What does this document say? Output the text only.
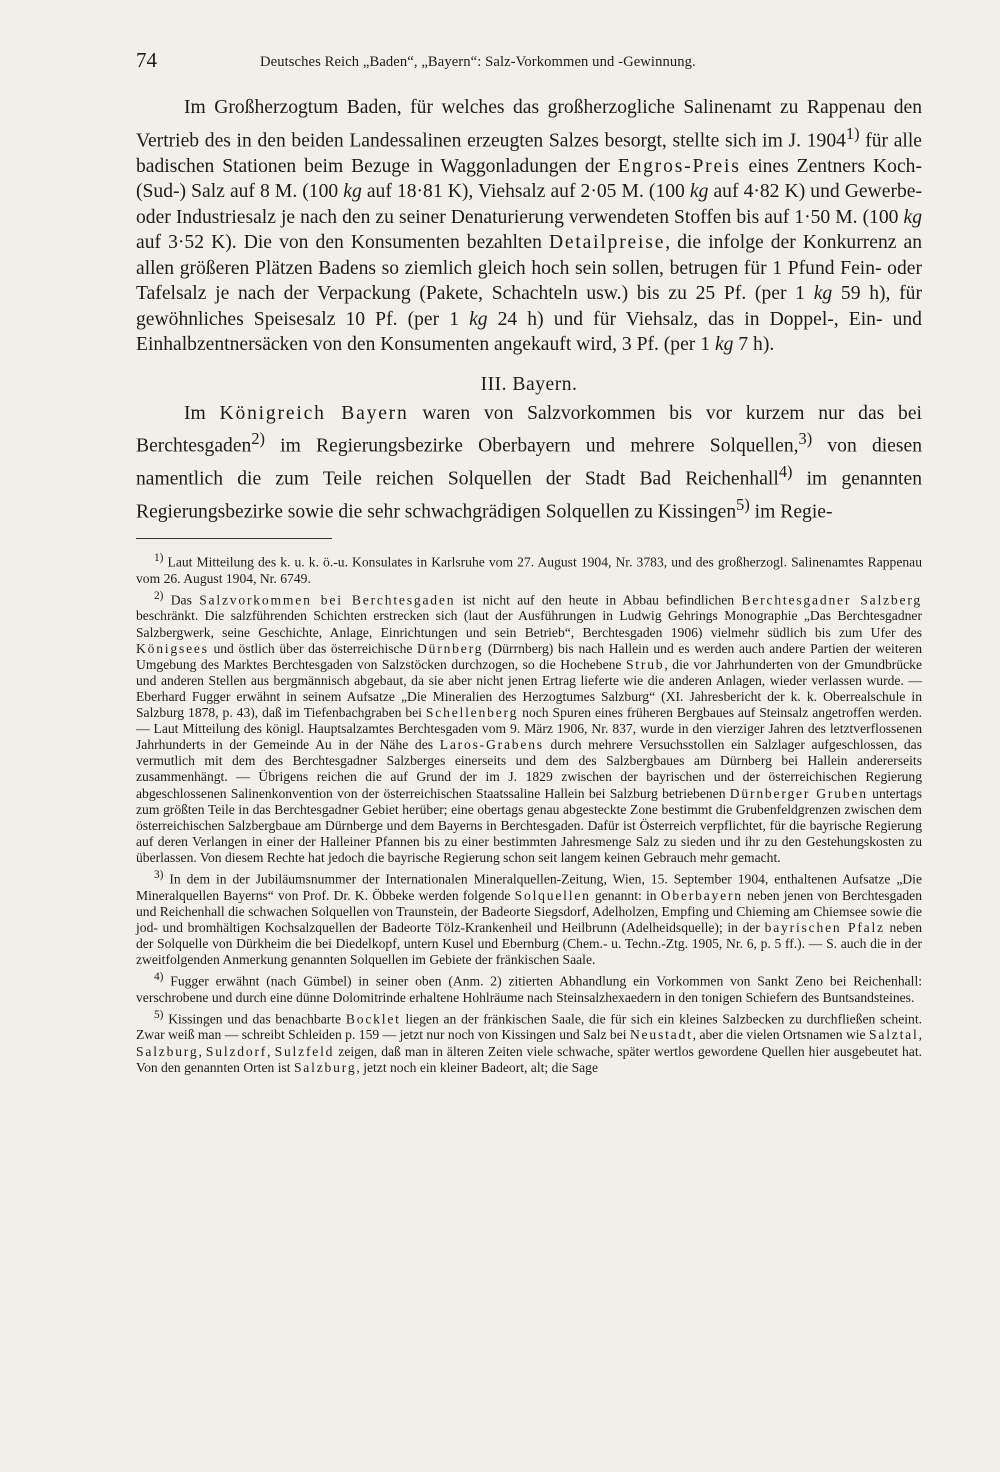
74	Deutsches Reich „Baden“, „Bayern“: Salz-Vorkommen und -Gewinnung.

Im Großherzogtum Baden, für welches das großherzogliche Salinenamt zu Rappenau den Vertrieb des in den beiden Landessalinen erzeugten Salzes besorgt, stellte sich im J. 1904$^{1)}$ für alle badischen Stationen beim Bezuge in Waggonladungen der Engros-Preis eines Zentners Koch- (Sud-) Salz auf 8 M. (100 kg auf 18·81 K), Viehsalz auf 2·05 M. (100 kg auf 4·82 K) und Gewerbe- oder Industriesalz je nach den zu seiner Denaturierung verwendeten Stoffen bis auf 1·50 M. (100 kg auf 3·52 K). Die von den Konsumenten bezahlten Detailpreise, die infolge der Konkurrenz an allen größeren Plätzen Badens so ziemlich gleich hoch sein sollen, betrugen für 1 Pfund Fein- oder Tafelsalz je nach der Verpackung (Pakete, Schachteln usw.) bis zu 25 Pf. (per 1 kg 59 h), für gewöhnliches Speisesalz 10 Pf. (per 1 kg 24 h) und für Viehsalz, das in Doppel-, Ein- und Einhalbzentnersäcken von den Konsumenten angekauft wird, 3 Pf. (per 1 kg 7 h).

III. Bayern.

Im Königreich Bayern waren von Salzvorkommen bis vor kurzem nur das bei Berchtesgaden$^{2)}$ im Regierungsbezirke Oberbayern und mehrere Solquellen,$^{3)}$ von diesen namentlich die zum Teile reichen Solquellen der Stadt Bad Reichenhall$^{4)}$ im genannten Regierungsbezirke sowie die sehr schwachgrädigen Solquellen zu Kissingen$^{5)}$ im Regie-

$^{1)}$ Laut Mitteilung des k. u. k. ö.-u. Konsulates in Karlsruhe vom 27. August 1904, Nr. 3783, und des großherzogl. Salinenamtes Rappenau vom 26. August 1904, Nr. 6749.

$^{2)}$ Das Salzvorkommen bei Berchtesgaden ist nicht auf den heute in Abbau befindlichen Berchtesgadner Salzberg beschränkt. Die salzführenden Schichten erstrecken sich (laut der Ausführungen in Ludwig Gehrings Monographie „Das Berchtesgadner Salzbergwerk, seine Geschichte, Anlage, Einrichtungen und sein Betrieb“, Berchtesgaden 1906) vielmehr südlich bis zum Ufer des Königsees und östlich über das österreichische Dürnberg (Dürrnberg) bis nach Hallein und es werden auch andere Partien der weiteren Umgebung des Marktes Berchtesgaden von Salzstöcken durchzogen, so die Hochebene Strub, die vor Jahrhunderten von der Gmundbrücke und anderen Stellen aus bergmännisch abgebaut, da sie aber nicht jenen Ertrag lieferte wie die anderen Anlagen, wieder verlassen wurde. — Eberhard Fugger erwähnt in seinem Aufsatze „Die Mineralien des Herzogtumes Salzburg“ (XI. Jahresbericht der k. k. Oberrealschule in Salzburg 1878, p. 43), daß im Tiefenbachgraben bei Schellenberg noch Spuren eines früheren Bergbaues auf Steinsalz angetroffen werden. — Laut Mitteilung des königl. Hauptsalzamtes Berchtesgaden vom 9. März 1906, Nr. 837, wurde in den vierziger Jahren des letztverflossenen Jahrhunderts in der Gemeinde Au in der Nähe des Laros-Grabens durch mehrere Versuchsstollen ein Salzlager aufgeschlossen, das vermutlich mit dem des Berchtesgadner Salzberges einerseits und dem des Salzbergbaues am Dürnberg bei Hallein andererseits zusammenhängt. — Übrigens reichen die auf Grund der im J. 1829 zwischen der bayrischen und der österreichischen Regierung abgeschlossenen Salinenkonvention von der österreichischen Staatssaline Hallein bei Salzburg betriebenen Dürnberger Gruben untertags zum größten Teile in das Berchtesgadner Gebiet herüber; eine obertags genau abgesteckte Zone bestimmt die Grubenfeldgrenzen zwischen dem österreichischen Salzbergbaue am Dürnberge und dem Bayerns in Berchtesgaden. Dafür ist Österreich verpflichtet, für die bayrische Regierung auf deren Verlangen in einer der Halleiner Pfannen bis zu einer bestimmten Jahresmenge Salz zu sieden und ihr zu den Gestehungskosten zu überlassen. Von diesem Rechte hat jedoch die bayrische Regierung schon seit langem keinen Gebrauch mehr gemacht.

$^{3)}$ In dem in der Jubiläumsnummer der Internationalen Mineralquellen-Zeitung, Wien, 15. September 1904, enthaltenen Aufsatze „Die Mineralquellen Bayerns“ von Prof. Dr. K. Öbbeke werden folgende Solquellen genannt: in Oberbayern neben jenen von Berchtesgaden und Reichenhall die schwachen Solquellen von Traunstein, der Badeorte Siegsdorf, Adelholzen, Empfing und Chieming am Chiemsee sowie die jod- und bromhältigen Kochsalzquellen der Badeorte Tölz-Krankenheil und Heilbrunn (Adelheidsquelle); in der bayrischen Pfalz neben der Solquelle von Dürkheim die bei Diedelkopf, untern Kusel und Ebernburg (Chem.- u. Techn.-Ztg. 1905, Nr. 6, p. 5 ff.). — S. auch die in der zweitfolgenden Anmerkung genannten Solquellen im Gebiete der fränkischen Saale.

$^{4)}$ Fugger erwähnt (nach Gümbel) in seiner oben (Anm. 2) zitierten Abhandlung ein Vorkommen von Sankt Zeno bei Reichenhall: verschrobene und durch eine dünne Dolomitrinde erhaltene Hohlräume nach Steinsalzhexaedern in den tonigen Schiefern des Buntsandsteines.

$^{5)}$ Kissingen und das benachbarte Bocklet liegen an der fränkischen Saale, die für sich ein kleines Salzbecken zu durchfließen scheint. Zwar weiß man — schreibt Schleiden p. 159 — jetzt nur noch von Kissingen und Salz bei Neustadt, aber die vielen Ortsnamen wie Salztal, Salzburg, Sulzdorf, Sulzfeld zeigen, daß man in älteren Zeiten viele schwache, später wertlos gewordene Quellen hier ausgebeutet hat. Von den genannten Orten ist Salzburg, jetzt noch ein kleiner Badeort, alt; die Sage
